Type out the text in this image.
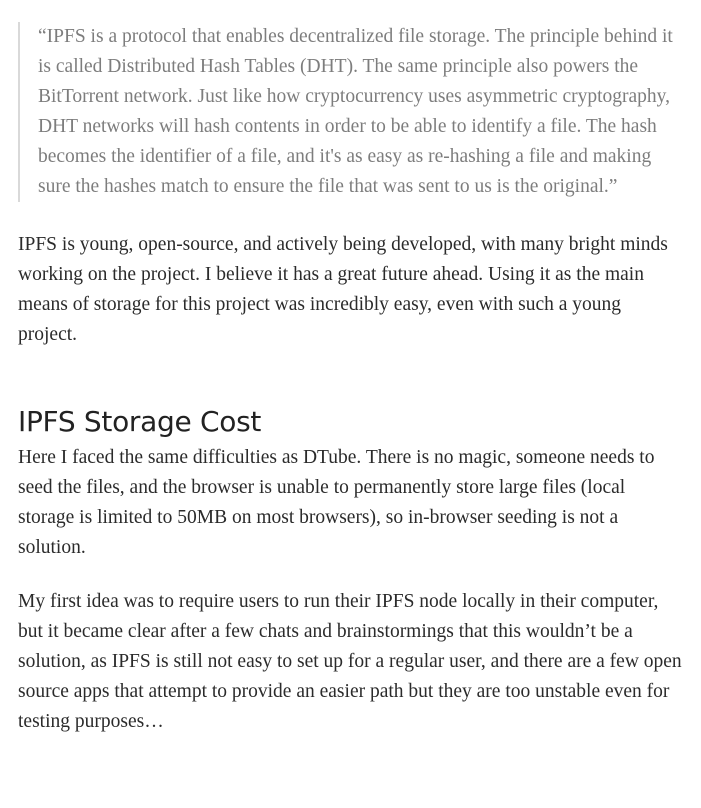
“IPFS is a protocol that enables decentralized file storage. The principle behind it is called Distributed Hash Tables (DHT). The same principle also powers the BitTorrent network. Just like how cryptocurrency uses asymmetric cryptography, DHT networks will hash contents in order to be able to identify a file. The hash becomes the identifier of a file, and it's as easy as re-hashing a file and making sure the hashes match to ensure the file that was sent to us is the original.”

IPFS is young, open-source, and actively being developed, with many bright minds working on the project. I believe it has a great future ahead. Using it as the main means of storage for this project was incredibly easy, even with such a young project.

IPFS Storage Cost

Here I faced the same difficulties as DTube. There is no magic, someone needs to seed the files, and the browser is unable to permanently store large files (local storage is limited to 50MB on most browsers), so in-browser seeding is not a solution.

My first idea was to require users to run their IPFS node locally in their computer, but it became clear after a few chats and brainstormings that this wouldn’t be a solution, as IPFS is still not easy to set up for a regular user, and there are a few open source apps that attempt to provide an easier path but they are too unstable even for testing purposes…
